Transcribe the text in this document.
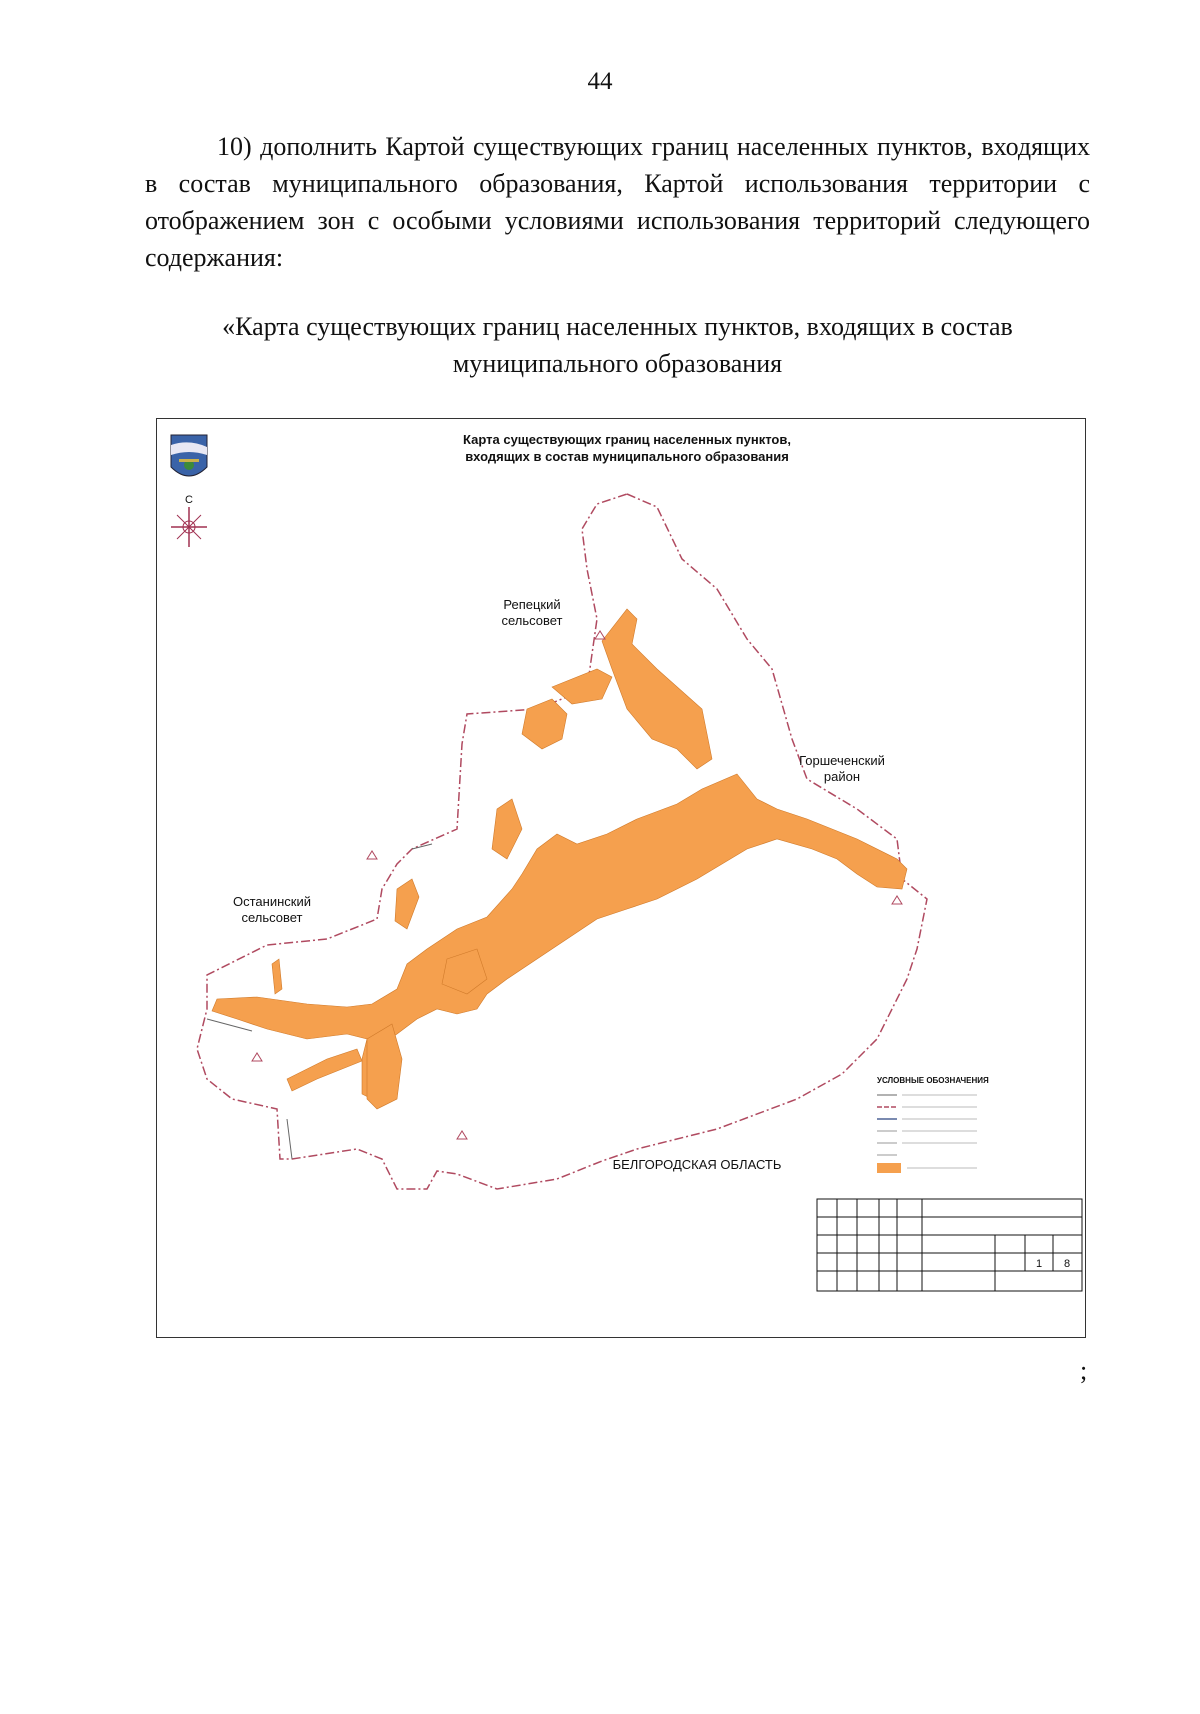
44

10) дополнить Картой существующих границ населенных пунктов, входящих в состав муниципального образования, Картой использования территории с отображением зон с особыми условиями использования территорий следующего содержания:

«Карта существующих границ населенных пунктов, входящих в состав муниципального образования

Карта существующих границ населенных пунктов,
входящих в состав муниципального образования
С
Репецкий
сельсовет
Горшеченский
район
Останинский
сельсовет
БЕЛГОРОДСКАЯ ОБЛАСТЬ
УСЛОВНЫЕ ОБОЗНАЧЕНИЯ
1 8
;
